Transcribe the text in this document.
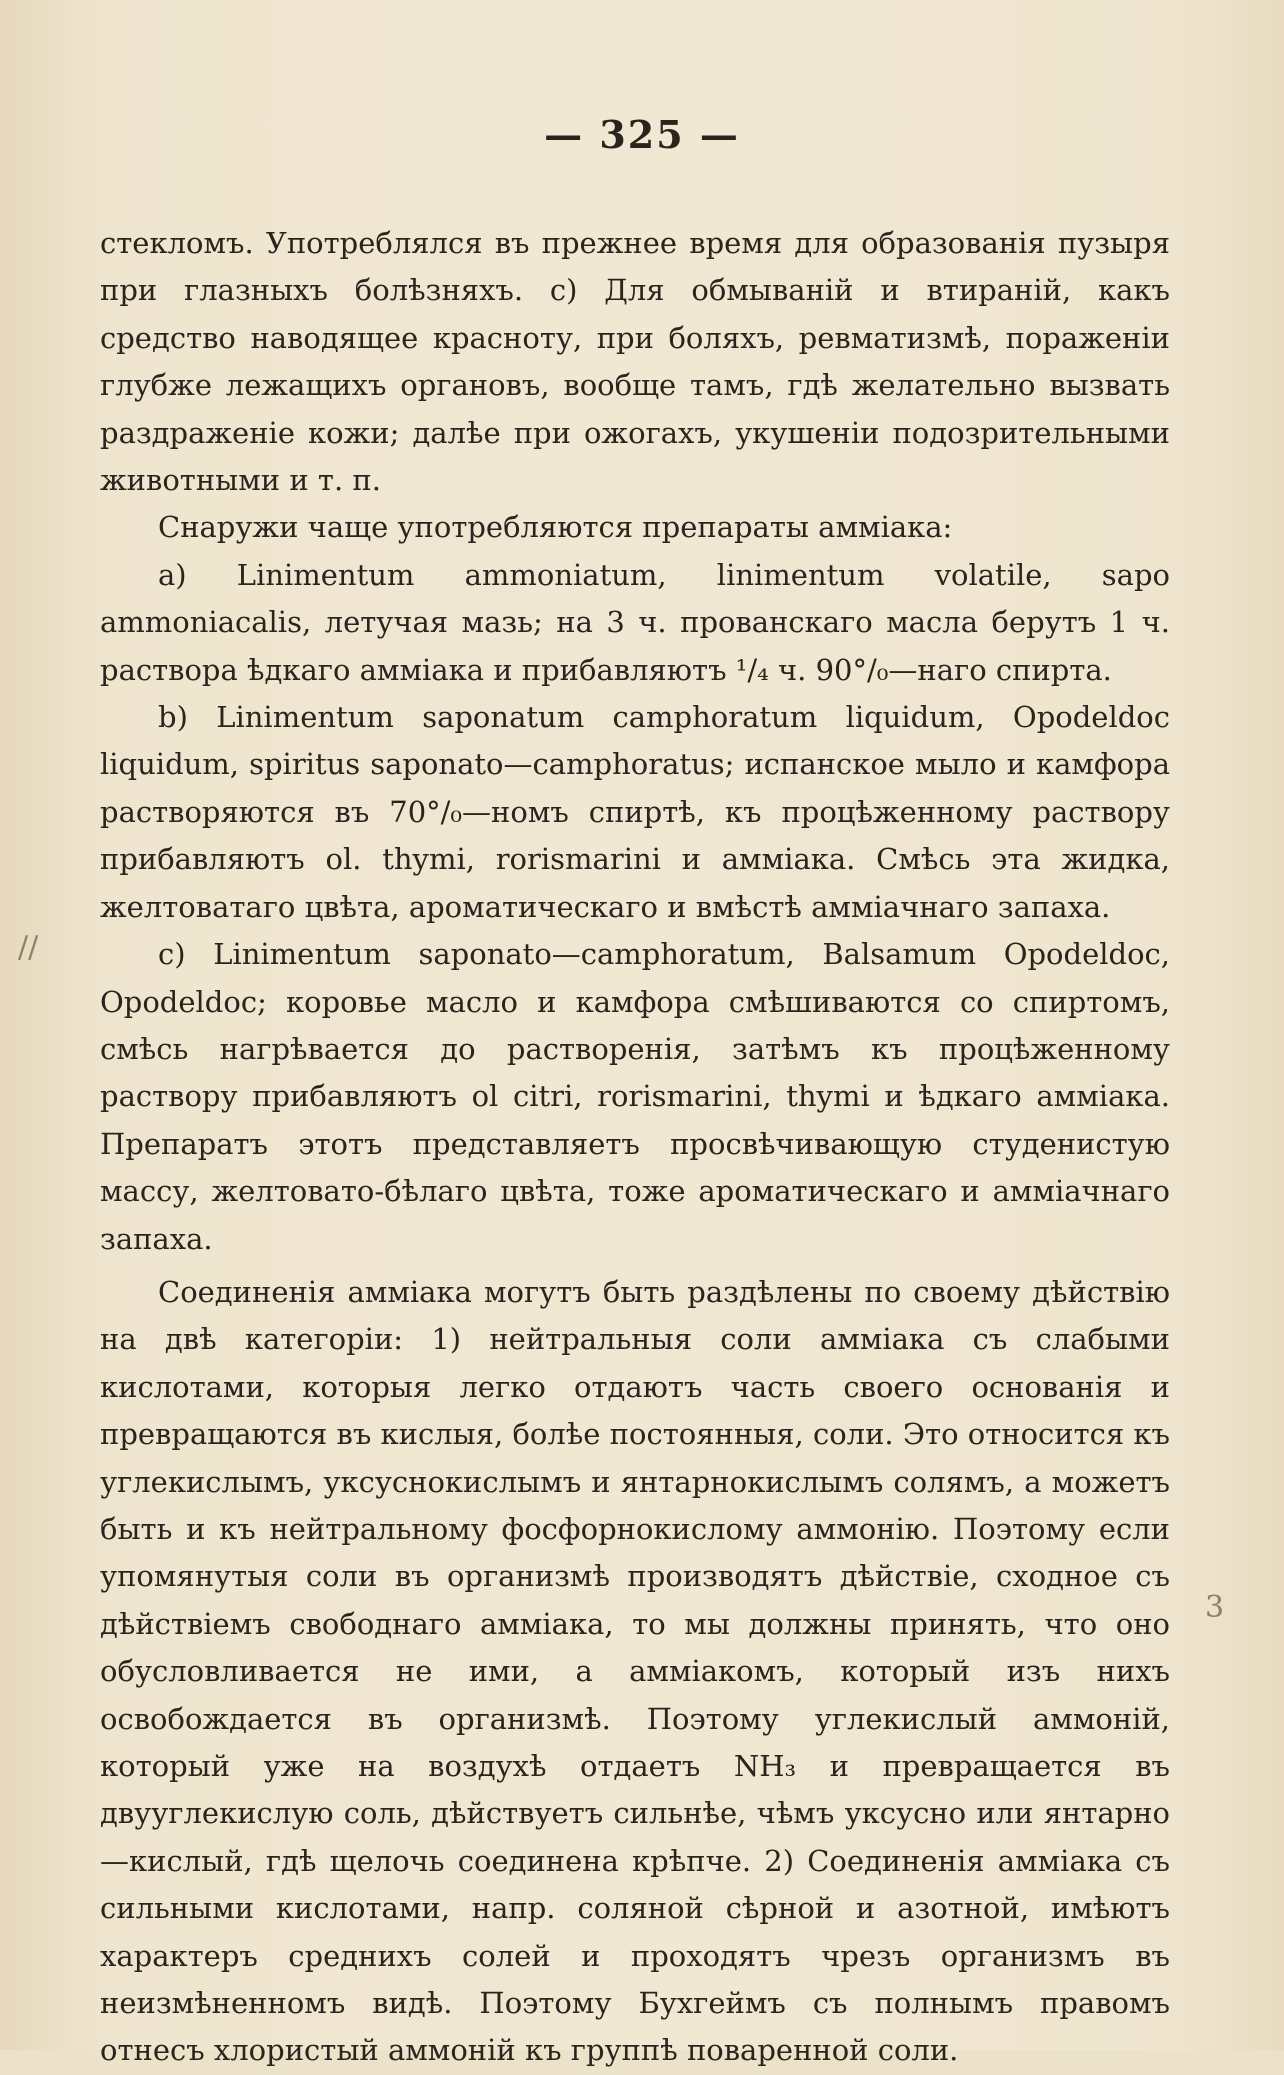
— 325 —

стекломъ. Употреблялся въ прежнее время для образованія пузыря при глазныхъ болѣзняхъ. c) Для обмываній и втираній, какъ средство наводящее красноту, при боляхъ, ревматизмѣ, пораженіи глубже лежащихъ органовъ, вообще тамъ, гдѣ желательно вызвать раздраженіе кожи; далѣе при ожогахъ, укушеніи подозрительными животными и т. п.

Снаружи чаще употребляются препараты амміака:

a) Linimentum ammoniatum, linimentum volatile, sapo ammoniacalis, летучая мазь; на 3 ч. прованскаго масла берутъ 1 ч. раствора ѣдкаго амміака и прибавляютъ ¹/₄ ч. 90°/₀—наго спирта.

b) Linimentum saponatum camphoratum liquidum, Opodeldoc liquidum, spiritus saponato—camphoratus; испанское мыло и камфора растворяются въ 70°/₀—номъ спиртѣ, къ процѣженному раствору прибавляютъ ol. thymi, rorismarini и амміака. Смѣсь эта жидка, желтоватаго цвѣта, ароматическаго и вмѣстѣ амміачнаго запаха.

c) Linimentum saponato—camphoratum, Balsamum Opodeldoc, Opodeldoc; коровье масло и камфора смѣшиваются со спиртомъ, смѣсь нагрѣвается до растворенія, затѣмъ къ процѣженному раствору прибавляютъ ol citri, rorismarini, thymi и ѣдкаго амміака. Препаратъ этотъ представляетъ просвѣчивающую студенистую массу, желтовато-бѣлаго цвѣта, тоже ароматическаго и амміачнаго запаха.

Соединенія амміака могутъ быть раздѣлены по своему дѣйствію на двѣ категоріи: 1) нейтральныя соли амміака съ слабыми кислотами, которыя легко отдаютъ часть своего основанія и превращаются въ кислыя, болѣе постоянныя, соли. Это относится къ углекислымъ, уксуснокислымъ и янтарнокислымъ солямъ, а можетъ быть и къ нейтральному фосфорнокислому аммонію. Поэтому если упомянутыя соли въ организмѣ производятъ дѣйствіе, сходное съ дѣйствіемъ свободнаго амміака, то мы должны принять, что оно обусловливается не ими, а амміакомъ, который изъ нихъ освобождается въ организмѣ. Поэтому углекислый аммоній, который уже на воздухѣ отдаетъ NH₃ и превращается въ двууглекислую соль, дѣйствуетъ сильнѣе, чѣмъ уксусно или янтарно—кислый, гдѣ щелочь соединена крѣпче. 2) Соединенія амміака съ сильными кислотами, напр. соляной сѣрной и азотной, имѣютъ характеръ среднихъ солей и проходятъ чрезъ организмъ въ неизмѣненномъ видѣ. Поэтому Бухгеймъ съ полнымъ правомъ отнесъ хлористый аммоній къ группѣ поваренной соли.

//
3
